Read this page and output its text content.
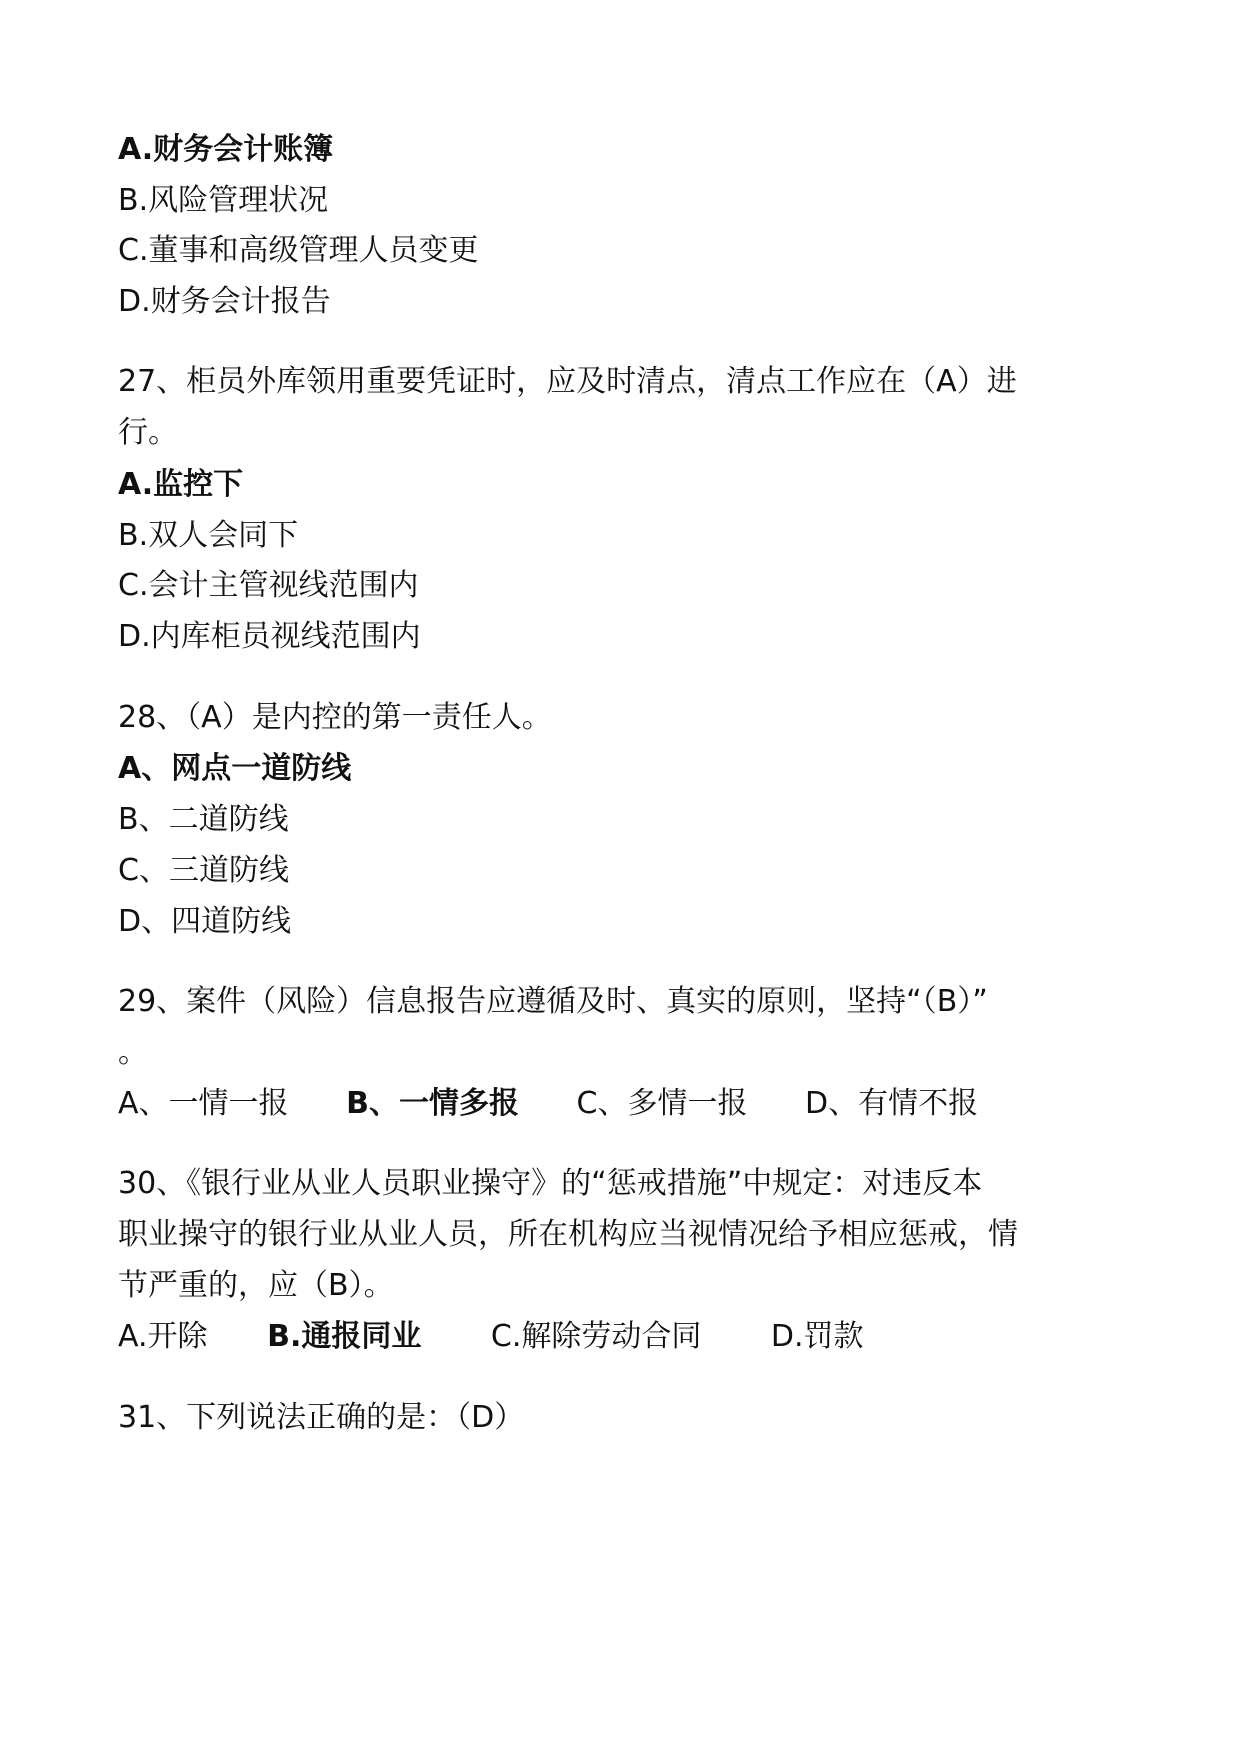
A.财务会计账簿
B.风险管理状况
C.董事和高级管理人员变更
D.财务会计报告
27、柜员外库领用重要凭证时，应及时清点，清点工作应在（A）进
行。
A.监控下
B.双人会同下
C.会计主管视线范围内
D.内库柜员视线范围内
28、（A）是内控的第一责任人。
A、网点一道防线
B、二道防线
C、三道防线
D、四道防线
29、案件（风险）信息报告应遵循及时、真实的原则，坚持“（B）”
。
A、一情一报 B、一情多报 C、多情一报 D、有情不报
30、《银行业从业人员职业操守》的“惩戒措施”中规定：对违反本
职业操守的银行业从业人员，所在机构应当视情况给予相应惩戒，情
节严重的，应（B）。
A.开除 B.通报同业 C.解除劳动合同 D.罚款
31、下列说法正确的是：（D）
